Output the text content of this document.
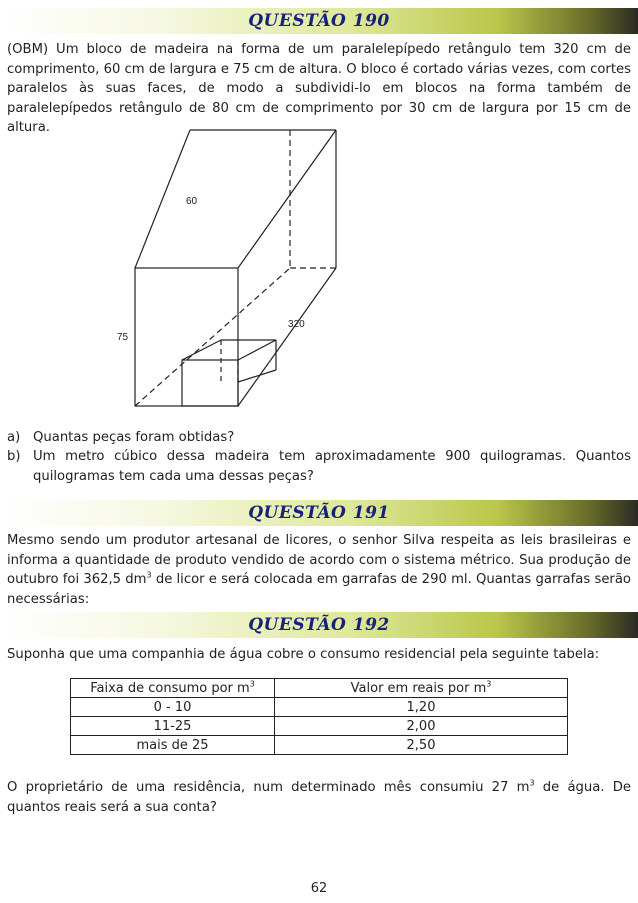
QUESTÃO 190

(OBM) Um bloco de madeira na forma de um paralelepípedo retângulo tem 320 cm de comprimento, 60 cm de largura e 75 cm de altura. O bloco é cortado várias vezes, com cortes paralelos às suas faces, de modo a subdividi-lo em blocos na forma também de paralelepípedos retângulo de 80 cm de comprimento por 30 cm de largura por 15 cm de altura.

60
75
320
a) Quantas peças foram obtidas?
b) Um metro cúbico dessa madeira tem aproximadamente 900 quilogramas. Quantos quilogramas tem cada uma dessas peças?
QUESTÃO 191

Mesmo sendo um produtor artesanal de licores, o senhor Silva respeita as leis brasileiras e informa a quantidade de produto vendido de acordo com o sistema métrico. Sua produção de outubro foi 362,5 $dm^3$ de licor e será colocada em garrafas de 290 ml. Quantas garrafas serão necessárias:

QUESTÃO 192

Suponha que uma companhia de água cobre o consumo residencial pela seguinte tabela:

Faixa de consumo por $m^3$	Valor em reais por $m^3$
0 - 10	1,20
11-25	2,00
mais de 25	2,50

O proprietário de uma residência, num determinado mês consumiu 27 $m^3$ de água. De quantos reais será a sua conta?

62
